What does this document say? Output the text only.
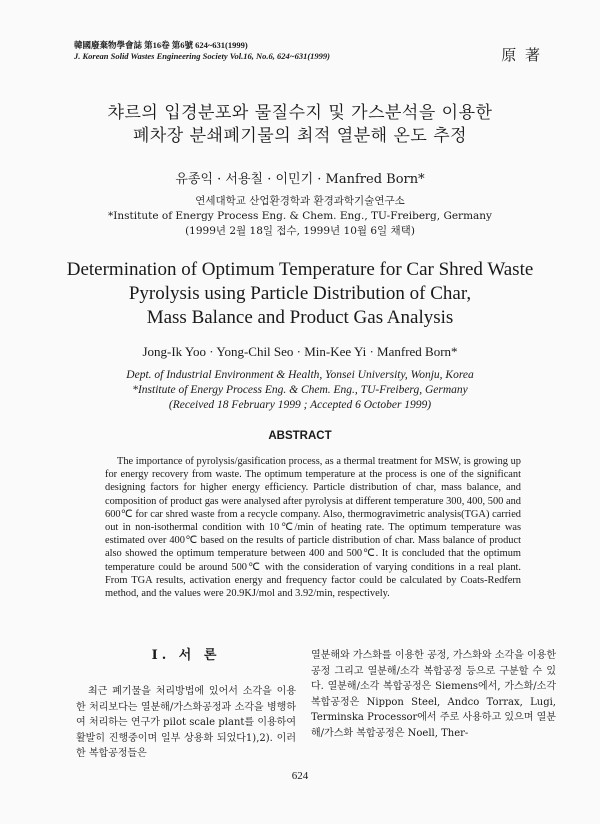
韓國廢棄物學會誌 第16卷 第6號 624~631(1999)
J. Korean Solid Wastes Engineering Society Vol.16, No.6, 624~631(1999)	原 著
챠르의 입경분포와 물질수지 및 가스분석을 이용한
폐차장 분쇄폐기물의 최적 열분해 온도 추정
유종익 · 서용칠 · 이민기 · Manfred Born*
연세대학교 산업환경학과 환경과학기술연구소
*Institute of Energy Process Eng. & Chem. Eng., TU-Freiberg, Germany
(1999년 2월 18일 접수, 1999년 10월 6일 채택)
Determination of Optimum Temperature for Car Shred Waste
Pyrolysis using Particle Distribution of Char,
Mass Balance and Product Gas Analysis
Jong-Ik Yoo · Yong-Chil Seo · Min-Kee Yi · Manfred Born*
Dept. of Industrial Environment & Health, Yonsei University, Wonju, Korea
*Institute of Energy Process Eng. & Chem. Eng., TU-Freiberg, Germany
(Received 18 February 1999 ; Accepted 6 October 1999)
ABSTRACT
The importance of pyrolysis/gasification process, as a thermal treatment for MSW, is growing up for energy recovery from waste. The optimum temperature at the process is one of the significant designing factors for higher energy efficiency. Particle distribution of char, mass balance, and composition of product gas were analysed after pyrolysis at different temperature 300, 400, 500 and 600℃ for car shred waste from a recycle company. Also, thermogravimetric analysis(TGA) carried out in non-isothermal condition with 10℃/min of heating rate. The optimum temperature was estimated over 400℃ based on the results of particle distribution of char. Mass balance of product also showed the optimum temperature between 400 and 500℃. It is concluded that the optimum temperature could be around 500℃ with the consideration of varying conditions in a real plant. From TGA results, activation energy and frequency factor could be calculated by Coats-Redfern method, and the values were 20.9KJ/mol and 3.92/min, respectively.
I. 서 론
최근 폐기물을 처리방법에 있어서 소각을 이용한 처리보다는 열분해/가스화공정과 소각을 병행하여 처리하는 연구가 pilot scale plant를 이용하여 활발히 진행중이며 일부 상용화 되었다1),2). 이러한 복합공정들은
열분해와 가스화를 이용한 공정, 가스화와 소각을 이용한 공정 그리고 열분해/소각 복합공정 등으로 구분할 수 있다. 열분해/소각 복합공정은 Siemens에서, 가스화/소각 복합공정은 Nippon Steel, Andco Torrax, Lugi, Terminska Processor에서 주로 사용하고 있으며 열분해/가스화 복합공정은 Noell, Ther-
624
